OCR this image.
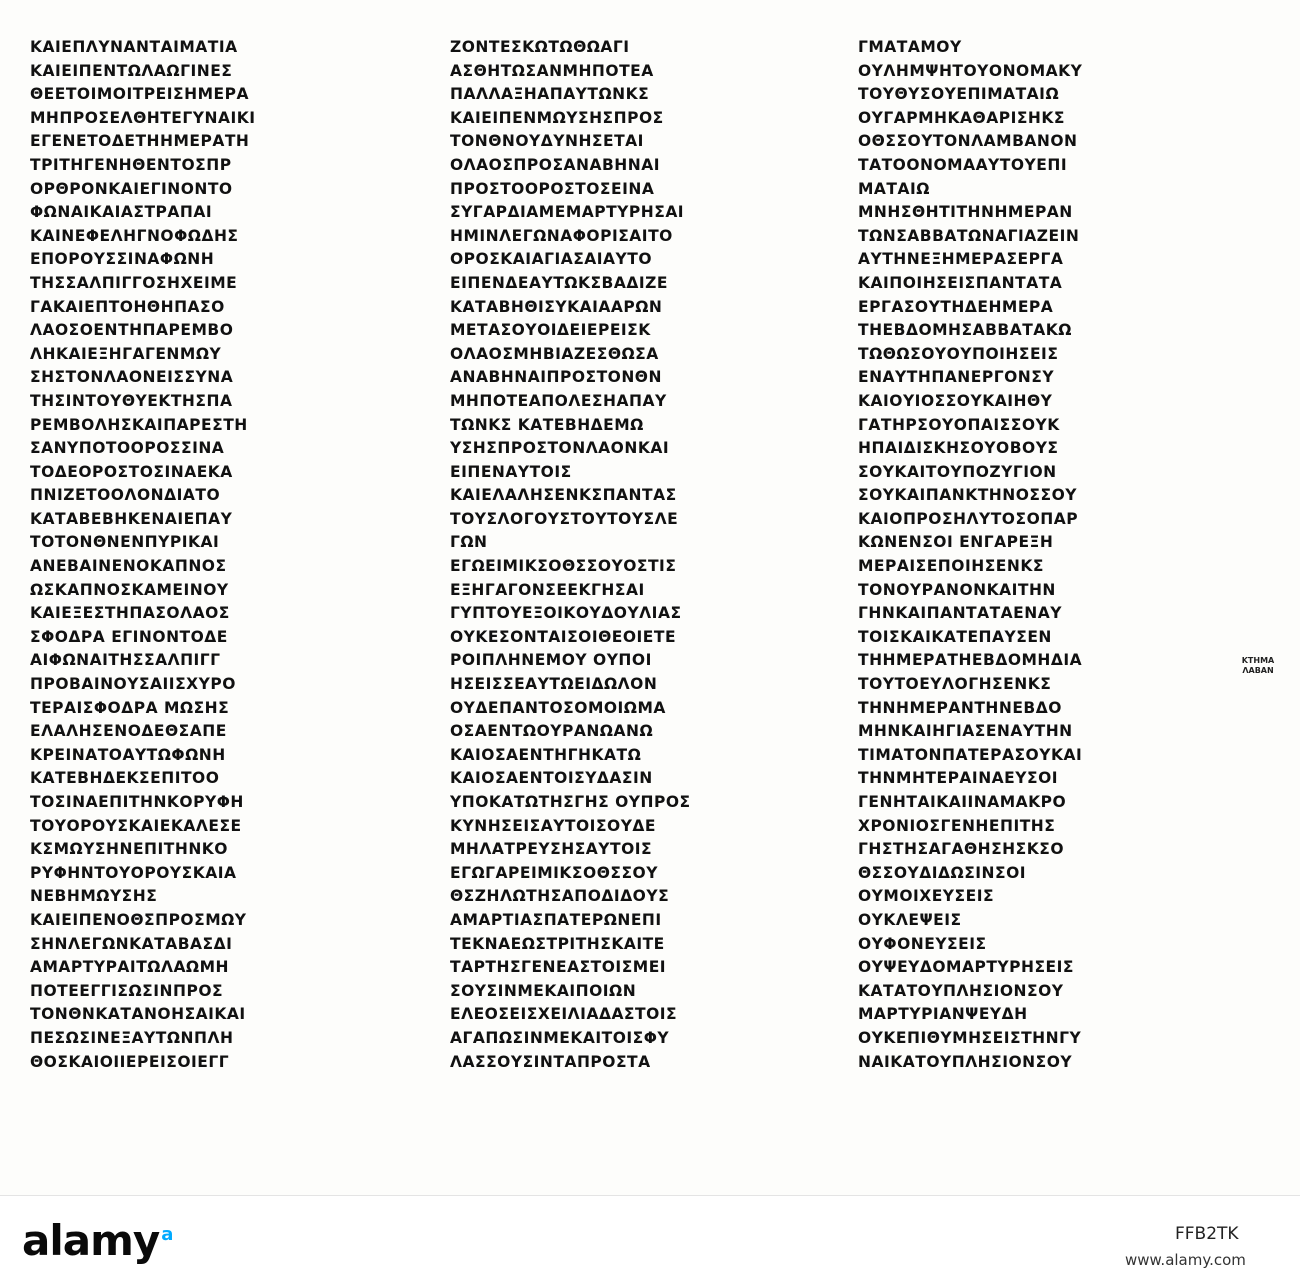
ΚΑΙΕΠΛΥΝΑΝΤΑΙΜΑΤΙΑ
ΚΑΙΕΙΠΕΝΤΩΛΑΩΓΙΝΕΣ
ΘΕΕΤΟΙΜΟΙΤΡΕΙΣΗΜΕΡΑ
ΜΗΠΡΟΣΕΛΘΗΤΕΓΥΝΑΙΚΙ
ΕΓΕΝΕΤΟΔΕΤΗΗΜΕΡΑΤΗ
ΤΡΙΤΗΓΕΝΗΘΕΝΤΟΣΠΡ
ΟΡΘΡΟΝΚΑΙΕΓΙΝΟΝΤΟ
ΦΩΝΑΙΚΑΙΑΣΤΡΑΠΑΙ
ΚΑΙΝΕΦΕΛΗΓΝΟΦΩΔΗΣ
ΕΠΟΡΟΥΣΣΙΝΑΦΩΝΗ
ΤΗΣΣΑΛΠΙΓΓΟΣΗΧΕΙΜΕ
ΓΑΚΑΙΕΠΤΟΗΘΗΠΑΣΟ
ΛΑΟΣΟΕΝΤΗΠΑΡΕΜΒΟ
ΛΗΚΑΙΕΞΗΓΑΓΕΝΜΩΥ
ΣΗΣΤΟΝΛΑΟΝΕΙΣΣΥΝΑ
ΤΗΣΙΝΤΟΥΘΥΕΚΤΗΣΠΑ
ΡΕΜΒΟΛΗΣΚΑΙΠΑΡΕΣΤΗ
ΣΑΝΥΠΟΤΟΟΡΟΣΣΙΝΑ
ΤΟΔΕΟΡΟΣΤΟΣΙΝΑΕΚΑ
ΠΝΙΖΕΤΟΟΛΟΝΔΙΑΤΟ
ΚΑΤΑΒΕΒΗΚΕΝΑΙΕΠΑΥ
ΤΟΤΟΝΘΝΕΝΠΥΡΙΚΑΙ
ΑΝΕΒΑΙΝΕΝΟΚΑΠΝΟΣ
ΩΣΚΑΠΝΟΣΚΑΜΕΙΝΟΥ
ΚΑΙΕΞΕΣΤΗΠΑΣΟΛΑΟΣ
ΣΦΟΔΡΑ ΕΓΙΝΟΝΤΟΔΕ
ΑΙΦΩΝΑΙΤΗΣΣΑΛΠΙΓΓ
ΠΡΟΒΑΙΝΟΥΣΑΙΙΣΧΥΡΟ
ΤΕΡΑΙΣΦΟΔΡΑ ΜΩΣΗΣ
ΕΛΑΛΗΣΕΝΟΔΕΘΣΑΠΕ
ΚΡΕΙΝΑΤΟΑΥΤΩΦΩΝΗ
ΚΑΤΕΒΗΔΕΚΣΕΠΙΤΟΟ
ΤΟΣΙΝΑΕΠΙΤΗΝΚΟΡΥΦΗ
ΤΟΥΟΡΟΥΣΚΑΙΕΚΑΛΕΣΕ
ΚΣΜΩΥΣΗΝΕΠΙΤΗΝΚΟ
ΡΥΦΗΝΤΟΥΟΡΟΥΣΚΑΙΑ
ΝΕΒΗΜΩΥΣΗΣ
ΚΑΙΕΙΠΕΝΟΘΣΠΡΟΣΜΩΥ
ΣΗΝΛΕΓΩΝΚΑΤΑΒΑΣΔΙ
ΑΜΑΡΤΥΡΑΙΤΩΛΑΩΜΗ
ΠΟΤΕΕΓΓΙΣΩΣΙΝΠΡΟΣ
ΤΟΝΘΝΚΑΤΑΝΟΗΣΑΙΚΑΙ
ΠΕΣΩΣΙΝΕΞΑΥΤΩΝΠΛΗ
ΘΟΣΚΑΙΟΙΙΕΡΕΙΣΟΙΕΓΓ
ΖΟΝΤΕΣΚΩΤΩΘΩΑΓΙ
ΑΣΘΗΤΩΣΑΝΜΗΠΟΤΕΑ
ΠΑΛΛΑΞΗΑΠΑΥΤΩΝΚΣ
ΚΑΙΕΙΠΕΝΜΩΥΣΗΣΠΡΟΣ
ΤΟΝΘΝΟΥΔΥΝΗΣΕΤΑΙ
ΟΛΑΟΣΠΡΟΣΑΝΑΒΗΝΑΙ
ΠΡΟΣΤΟΟΡΟΣΤΟΣΕΙΝΑ
ΣΥΓΑΡΔΙΑΜΕΜΑΡΤΥΡΗΣΑΙ
ΗΜΙΝΛΕΓΩΝΑΦΟΡΙΣΑΙΤΟ
ΟΡΟΣΚΑΙΑΓΙΑΣΑΙΑΥΤΟ
ΕΙΠΕΝΔΕΑΥΤΩΚΣΒΑΔΙΖΕ
ΚΑΤΑΒΗΘΙΣΥΚΑΙΑΑΡΩΝ
ΜΕΤΑΣΟΥΟΙΔΕΙΕΡΕΙΣΚ
ΟΛΑΟΣΜΗΒΙΑΖΕΣΘΩΣΑ
ΑΝΑΒΗΝΑΙΠΡΟΣΤΟΝΘΝ
ΜΗΠΟΤΕΑΠΟΛΕΣΗΑΠΑΥ
ΤΩΝΚΣ ΚΑΤΕΒΗΔΕΜΩ
ΥΣΗΣΠΡΟΣΤΟΝΛΑΟΝΚΑΙ
ΕΙΠΕΝΑΥΤΟΙΣ
ΚΑΙΕΛΑΛΗΣΕΝΚΣΠΑΝΤΑΣ
ΤΟΥΣΛΟΓΟΥΣΤΟΥΤΟΥΣΛΕ
ΓΩΝ
ΕΓΩΕΙΜΙΚΣΟΘΣΣΟΥΟΣΤΙΣ
ΕΞΗΓΑΓΟΝΣΕΕΚΓΗΣΑΙ
ΓΥΠΤΟΥΕΞΟΙΚΟΥΔΟΥΛΙΑΣ
ΟΥΚΕΣΟΝΤΑΙΣΟΙΘΕΟΙΕΤΕ
ΡΟΙΠΛΗΝΕΜΟΥ ΟΥΠΟΙ
ΗΣΕΙΣΣΕΑΥΤΩΕΙΔΩΛΟΝ
ΟΥΔΕΠΑΝΤΟΣΟΜΟΙΩΜΑ
ΟΣΑΕΝΤΩΟΥΡΑΝΩΑΝΩ
ΚΑΙΟΣΑΕΝΤΗΓΗΚΑΤΩ
ΚΑΙΟΣΑΕΝΤΟΙΣΥΔΑΣΙΝ
ΥΠΟΚΑΤΩΤΗΣΓΗΣ ΟΥΠΡΟΣ
ΚΥΝΗΣΕΙΣΑΥΤΟΙΣΟΥΔΕ
ΜΗΛΑΤΡΕΥΣΗΣΑΥΤΟΙΣ
ΕΓΩΓΑΡΕΙΜΙΚΣΟΘΣΣΟΥ
ΘΣΖΗΛΩΤΗΣΑΠΟΔΙΔΟΥΣ
ΑΜΑΡΤΙΑΣΠΑΤΕΡΩΝΕΠΙ
ΤΕΚΝΑΕΩΣΤΡΙΤΗΣΚΑΙΤΕ
ΤΑΡΤΗΣΓΕΝΕΑΣΤΟΙΣΜΕΙ
ΣΟΥΣΙΝΜΕΚΑΙΠΟΙΩΝ
ΕΛΕΟΣΕΙΣΧΕΙΛΙΑΔΑΣΤΟΙΣ
ΑΓΑΠΩΣΙΝΜΕΚΑΙΤΟΙΣΦΥ
ΛΑΣΣΟΥΣΙΝΤΑΠΡΟΣΤΑ
ΓΜΑΤΑΜΟΥ
ΟΥΛΗΜΨΗΤΟΥΟΝΟΜΑΚΥ
ΤΟΥΘΥΣΟΥΕΠΙΜΑΤΑΙΩ
ΟΥΓΑΡΜΗΚΑΘΑΡΙΣΗΚΣ
ΟΘΣΣΟΥΤΟΝΛΑΜΒΑΝΟΝ
ΤΑΤΟΟΝΟΜΑΑΥΤΟΥΕΠΙ
ΜΑΤΑΙΩ
ΜΝΗΣΘΗΤΙΤΗΝΗΜΕΡΑΝ
ΤΩΝΣΑΒΒΑΤΩΝΑΓΙΑΖΕΙΝ
ΑΥΤΗΝΕΞΗΜΕΡΑΣΕΡΓΑ
ΚΑΙΠΟΙΗΣΕΙΣΠΑΝΤΑΤΑ
ΕΡΓΑΣΟΥΤΗΔΕΗΜΕΡΑ
ΤΗΕΒΔΟΜΗΣΑΒΒΑΤΑΚΩ
ΤΩΘΩΣΟΥΟΥΠΟΙΗΣΕΙΣ
ΕΝΑΥΤΗΠΑΝΕΡΓΟΝΣΥ
ΚΑΙΟΥΙΟΣΣΟΥΚΑΙΗΘΥ
ΓΑΤΗΡΣΟΥΟΠΑΙΣΣΟΥΚ
ΗΠΑΙΔΙΣΚΗΣΟΥΟΒΟΥΣ
ΣΟΥΚΑΙΤΟΥΠΟΖΥΓΙΟΝ
ΣΟΥΚΑΙΠΑΝΚΤΗΝΟΣΣΟΥ
ΚΑΙΟΠΡΟΣΗΛΥΤΟΣΟΠΑΡ
ΚΩΝΕΝΣΟΙ ΕΝΓΑΡΕΞΗ
ΜΕΡΑΙΣΕΠΟΙΗΣΕΝΚΣ
ΤΟΝΟΥΡΑΝΟΝΚΑΙΤΗΝ
ΓΗΝΚΑΙΠΑΝΤΑΤΑΕΝΑΥ
ΤΟΙΣΚΑΙΚΑΤΕΠΑΥΣΕΝ
ΤΗΗΜΕΡΑΤΗΕΒΔΟΜΗΔΙΑ
ΤΟΥΤΟΕΥΛΟΓΗΣΕΝΚΣ
ΤΗΝΗΜΕΡΑΝΤΗΝΕΒΔΟ
ΜΗΝΚΑΙΗΓΙΑΣΕΝΑΥΤΗΝ
ΤΙΜΑΤΟΝΠΑΤΕΡΑΣΟΥΚΑΙ
ΤΗΝΜΗΤΕΡΑΙΝΑΕΥΣΟΙ
ΓΕΝΗΤΑΙΚΑΙΙΝΑΜΑΚΡΟ
ΧΡΟΝΙΟΣΓΕΝΗΕΠΙΤΗΣ
ΓΗΣΤΗΣΑΓΑΘΗΣΗΣΚΣΟ
ΘΣΣΟΥΔΙΔΩΣΙΝΣΟΙ
ΟΥΜΟΙΧΕΥΣΕΙΣ
ΟΥΚΛΕΨΕΙΣ
ΟΥΦΟΝΕΥΣΕΙΣ
ΟΥΨΕΥΔΟΜΑΡΤΥΡΗΣΕΙΣ
ΚΑΤΑΤΟΥΠΛΗΣΙΟΝΣΟΥ
ΜΑΡΤΥΡΙΑΝΨΕΥΔΗ
ΟΥΚΕΠΙΘΥΜΗΣΕΙΣΤΗΝΓΥ
ΝΑΙΚΑΤΟΥΠΛΗΣΙΟΝΣΟΥ
ΚΤΗΜΑ
ΛΑΒΑΝ
alamy $^a$	FFB2TK
www.alamy.com
